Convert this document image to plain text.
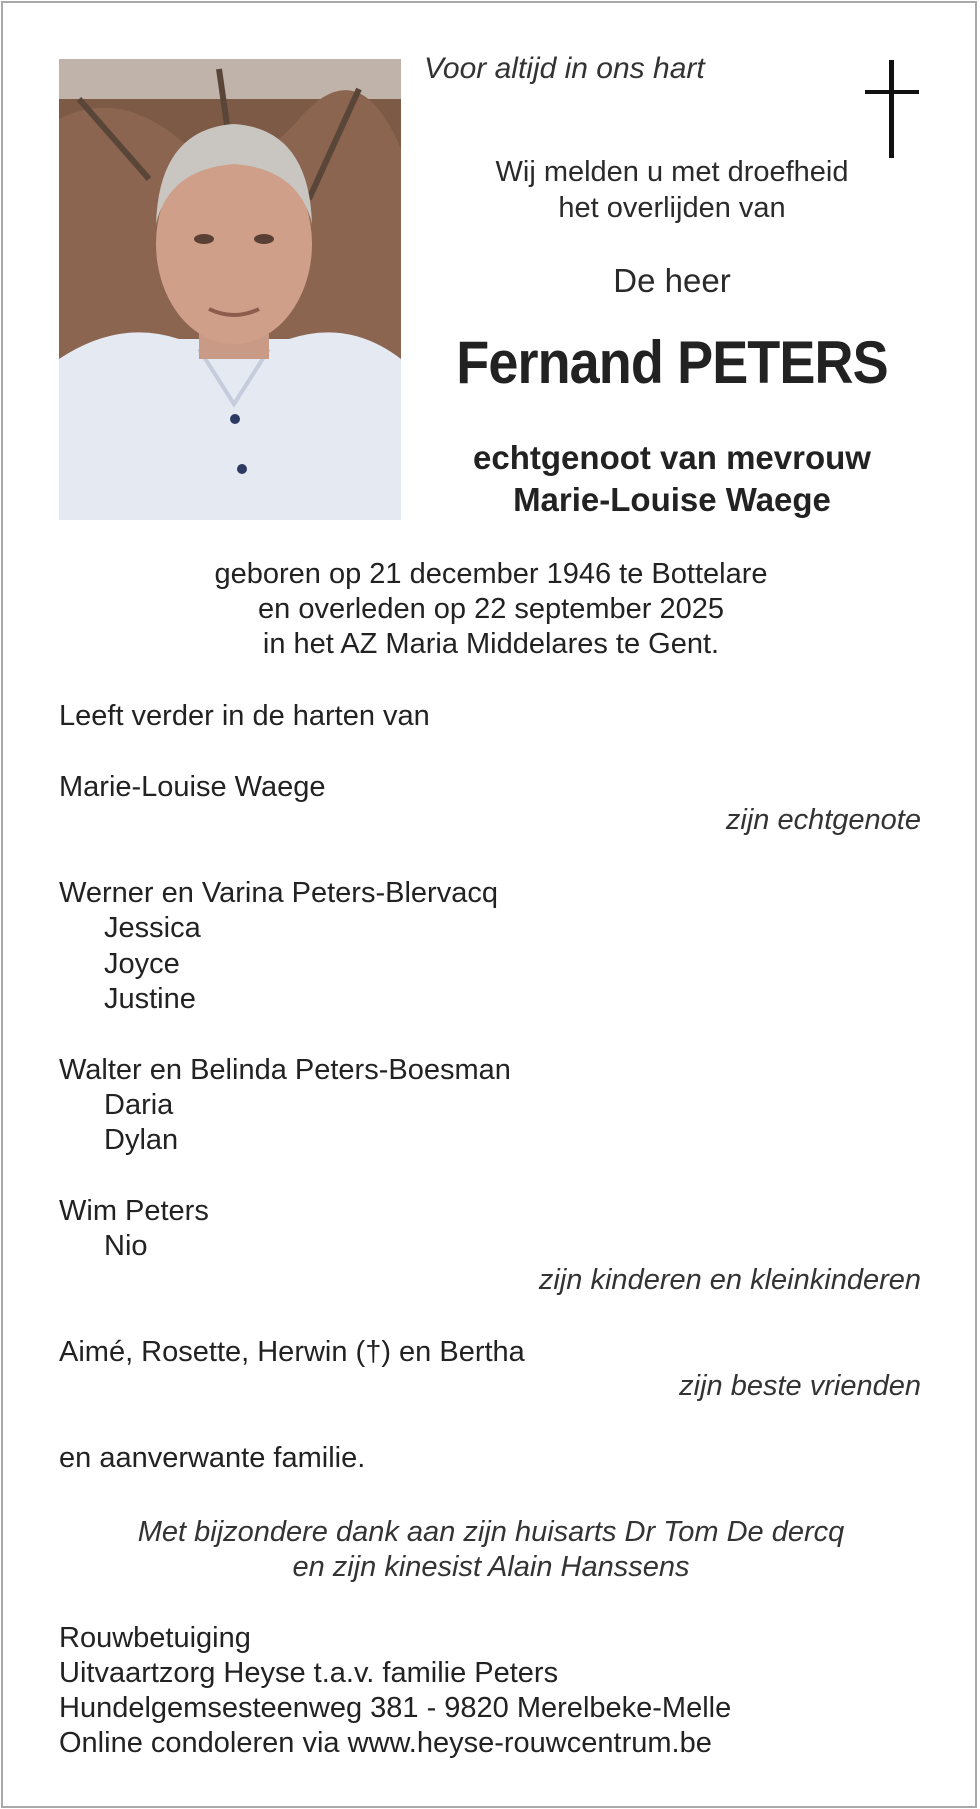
Voor altijd in ons hart
Wij melden u met droefheid
het overlijden van
De heer
Fernand PETERS
echtgenoot van mevrouw
Marie-Louise Waege
geboren op 21 december 1946 te Bottelare
en overleden op 22 september 2025
in het AZ Maria Middelares te Gent.
Leeft verder in de harten van
Marie-Louise Waege
zijn echtgenote
Werner en Varina Peters-Blervacq
Jessica
Joyce
Justine
Walter en Belinda Peters-Boesman
Daria
Dylan
Wim Peters
Nio
zijn kinderen en kleinkinderen
Aimé, Rosette, Herwin (†) en Bertha
zijn beste vrienden
en aanverwante familie.
Met bijzondere dank aan zijn huisarts Dr Tom De dercq
en zijn kinesist Alain Hanssens
Rouwbetuiging
Uitvaartzorg Heyse t.a.v. familie Peters
Hundelgemsesteenweg 381 - 9820 Merelbeke-Melle
Online condoleren via www.heyse-rouwcentrum.be
